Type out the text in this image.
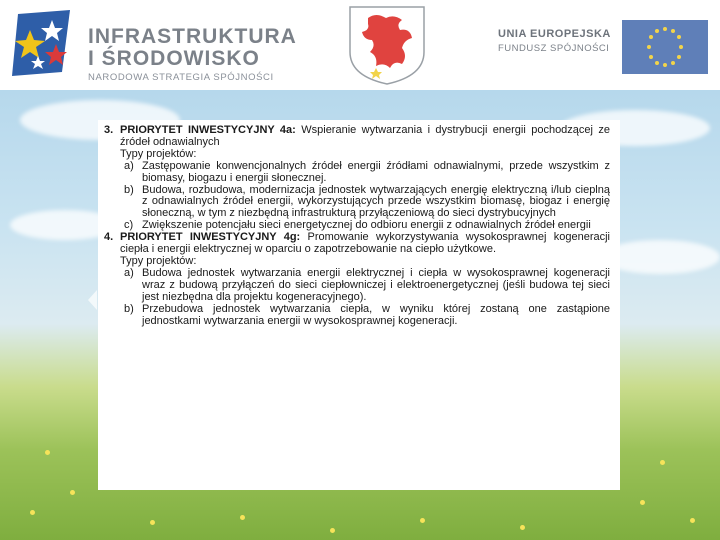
INFRASTRUKTURA
I ŚRODOWISKO
NARODOWA STRATEGIA SPÓJNOŚCI
UNIA EUROPEJSKA
FUNDUSZ SPÓJNOŚCI
3. PRIORYTET INWESTYCYJNY 4a: Wspieranie wytwarzania i dystrybucji energii pochodzącej ze źródeł odnawialnych

Typy projektów:

a) Zastępowanie konwencjonalnych źródeł energii źródłami odnawialnymi, przede wszystkim z biomasy, biogazu i energii słonecznej.

b) Budowa, rozbudowa, modernizacja jednostek wytwarzających energię elektryczną i/lub cieplną z odnawialnych źródeł energii, wykorzystujących przede wszystkim biomasę, biogaz i energię słoneczną, w tym z niezbędną infrastrukturą przyłączeniową do sieci dystrybucyjnych

c) Zwiększenie potencjału sieci energetycznej do odbioru energii z odnawialnych źródeł energii

4. PRIORYTET INWESTYCYJNY 4g: Promowanie wykorzystywania wysokosprawnej kogeneracji ciepła i energii elektrycznej w oparciu o zapotrzebowanie na ciepło użytkowe.

Typy projektów:

a) Budowa jednostek wytwarzania energii elektrycznej i ciepła w wysokosprawnej kogeneracji wraz z budową przyłączeń do sieci ciepłowniczej i elektroenergetycznej (jeśli budowa tej sieci jest niezbędna dla projektu kogeneracyjnego).

b) Przebudowa jednostek wytwarzania ciepła, w wyniku której zostaną one zastąpione jednostkami wytwarzania energii w wysokosprawnej kogeneracji.
